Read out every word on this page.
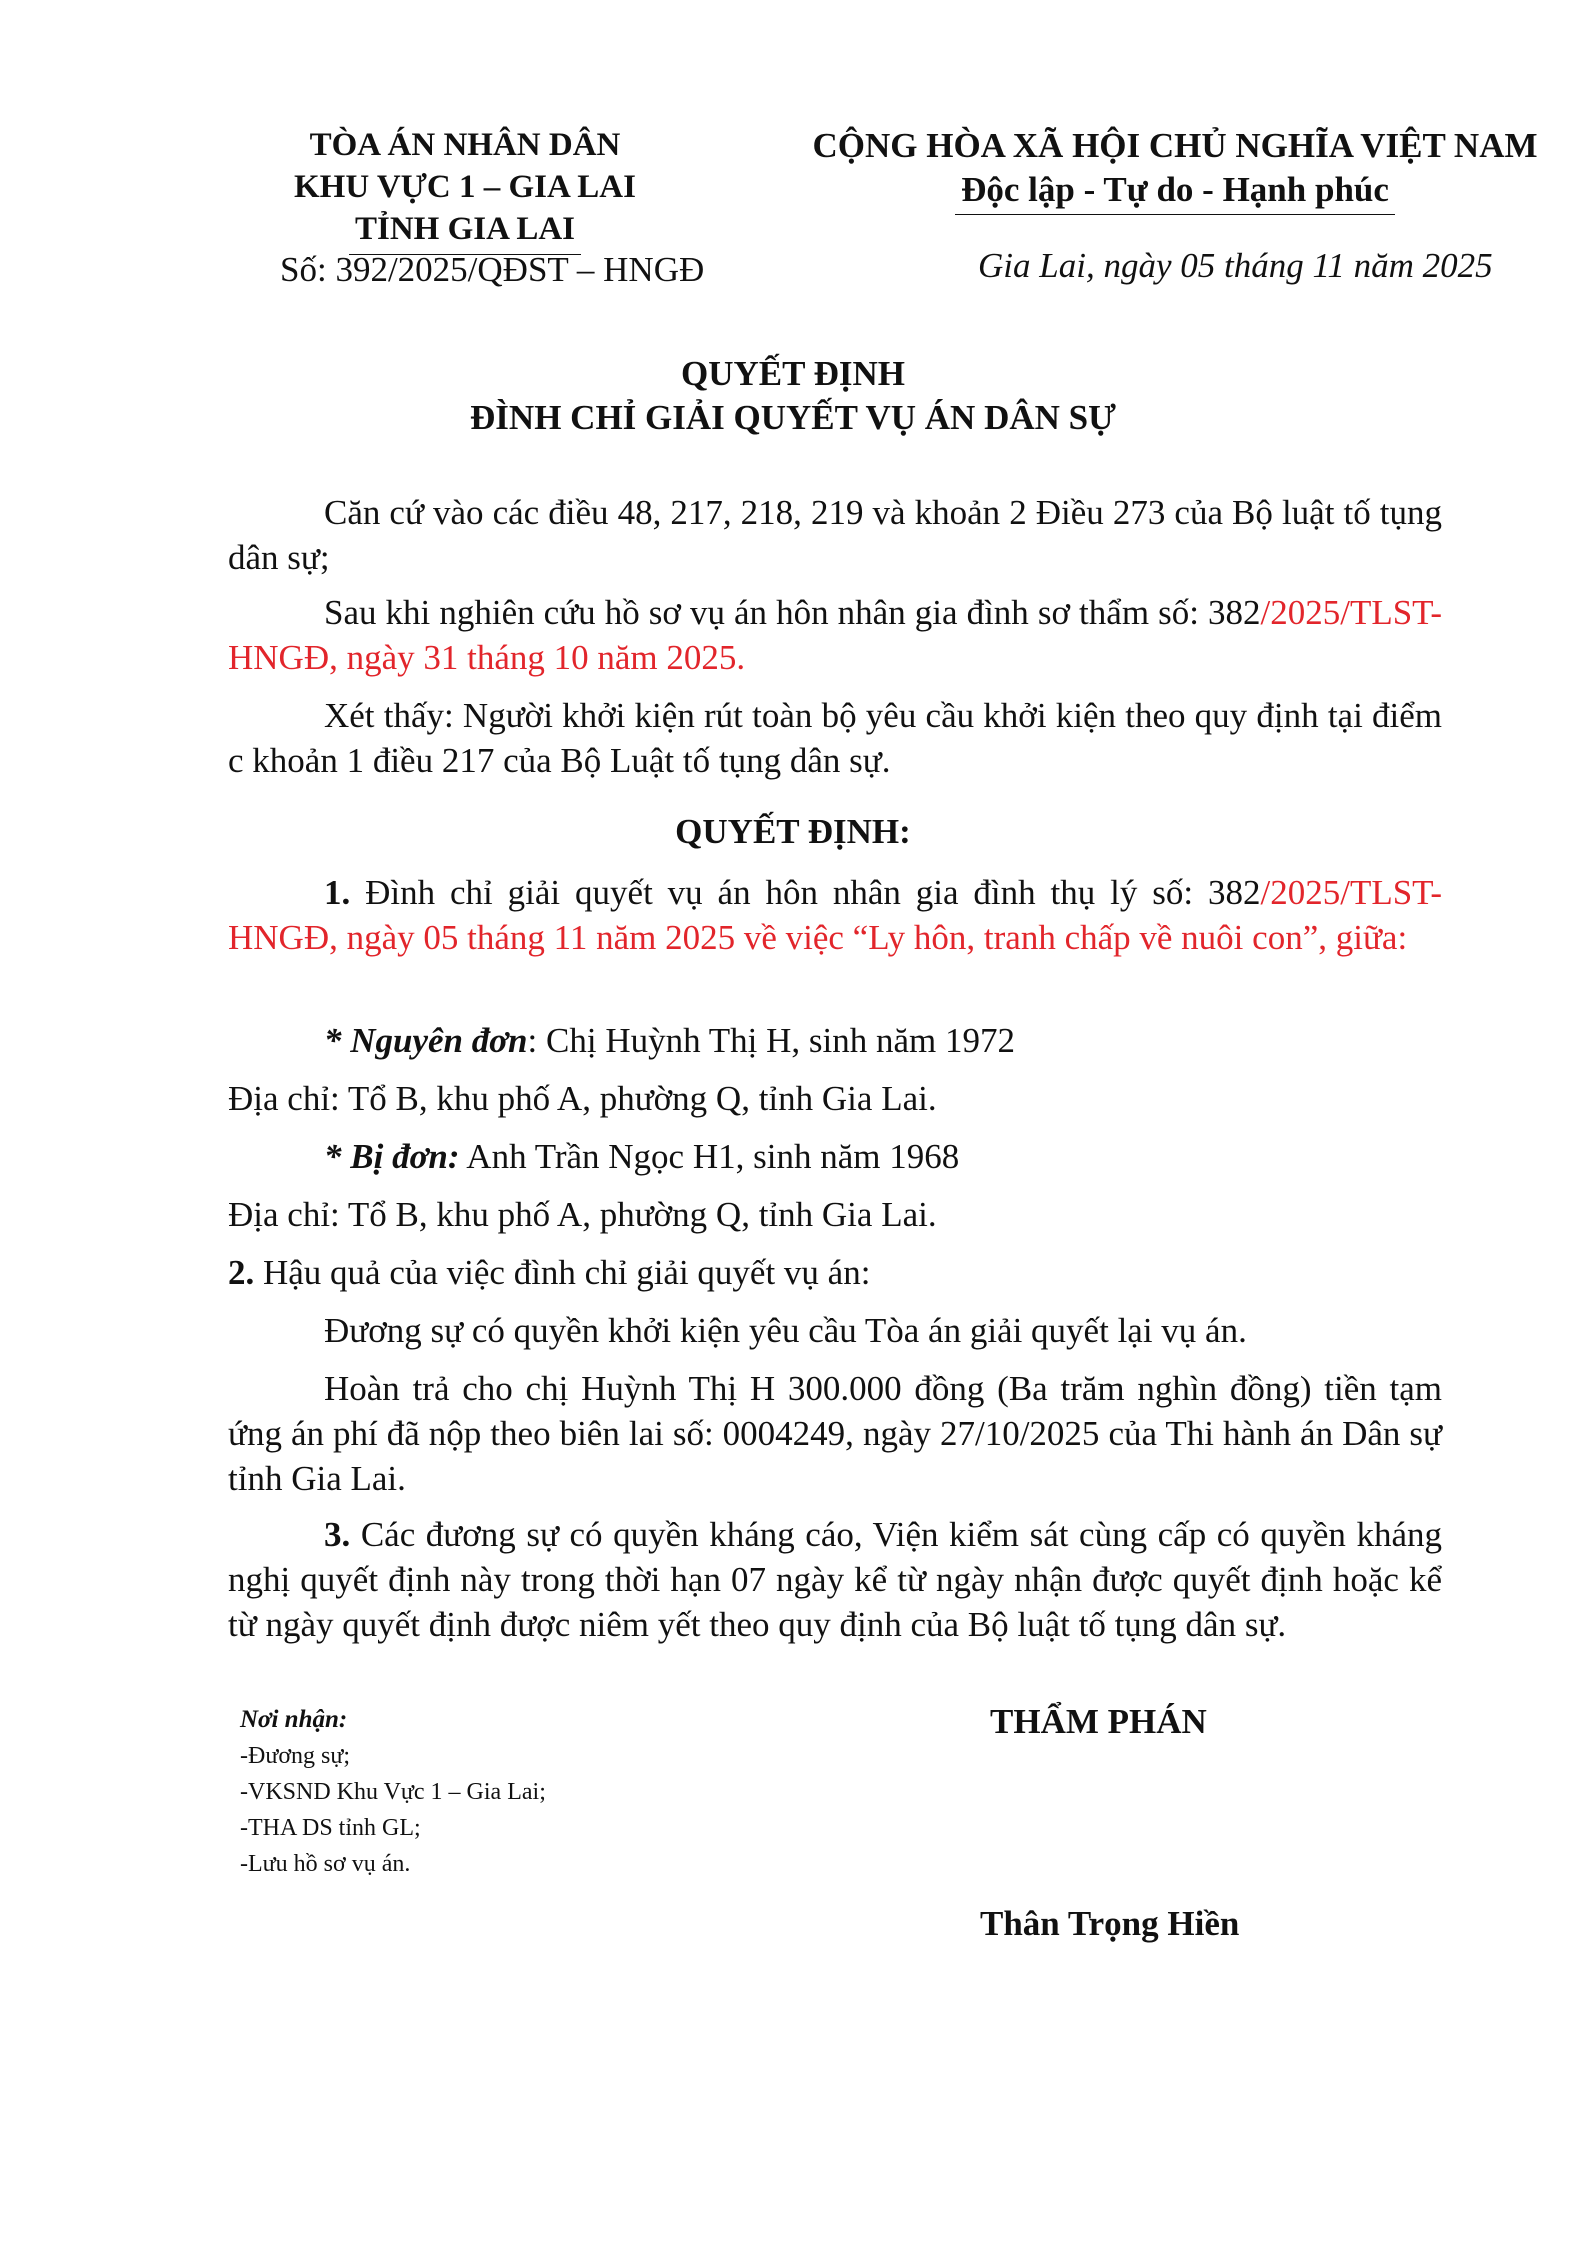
TÒA ÁN NHÂN DÂN
KHU VỰC 1 – GIA LAI
TỈNH GIA LAI
Số: 392/2025/QĐST – HNGĐ
CỘNG HÒA XÃ HỘI CHỦ NGHĨA VIỆT NAM
Độc lập - Tự do - Hạnh phúc
Gia Lai, ngày 05 tháng 11 năm 2025
QUYẾT ĐỊNH
ĐÌNH CHỈ GIẢI QUYẾT VỤ ÁN DÂN SỰ
Căn cứ vào các điều 48, 217, 218, 219 và khoản 2 Điều 273 của Bộ luật tố tụng dân sự;
Sau khi nghiên cứu hồ sơ vụ án hôn nhân gia đình sơ thẩm số: 382/2025/TLST-HNGĐ, ngày 31 tháng 10 năm 2025.
Xét thấy: Người khởi kiện rút toàn bộ yêu cầu khởi kiện theo quy định tại điểm c khoản 1 điều 217 của Bộ Luật tố tụng dân sự.
QUYẾT ĐỊNH:
1. Đình chỉ giải quyết vụ án hôn nhân gia đình thụ lý số: 382/2025/TLST-HNGĐ, ngày 05 tháng 11 năm 2025 về việc “Ly hôn, tranh chấp về nuôi con”, giữa:
* Nguyên đơn: Chị Huỳnh Thị H, sinh năm 1972
Địa chỉ: Tổ B, khu phố A, phường Q, tỉnh Gia Lai.
* Bị đơn: Anh Trần Ngọc H1, sinh năm 1968
Địa chỉ: Tổ B, khu phố A, phường Q, tỉnh Gia Lai.
2. Hậu quả của việc đình chỉ giải quyết vụ án:
Đương sự có quyền khởi kiện yêu cầu Tòa án giải quyết lại vụ án.
Hoàn trả cho chị Huỳnh Thị H 300.000 đồng (Ba trăm nghìn đồng) tiền tạm ứng án phí đã nộp theo biên lai số: 0004249, ngày 27/10/2025 của Thi hành án Dân sự tỉnh Gia Lai.
3. Các đương sự có quyền kháng cáo, Viện kiểm sát cùng cấp có quyền kháng nghị quyết định này trong thời hạn 07 ngày kể từ ngày nhận được quyết định hoặc kể từ ngày quyết định được niêm yết theo quy định của Bộ luật tố tụng dân sự.
Nơi nhận:
-Đương sự;
-VKSND Khu Vực 1 – Gia Lai;
-THA DS tỉnh GL;
-Lưu hồ sơ vụ án.
THẨM PHÁN
Thân Trọng Hiền
